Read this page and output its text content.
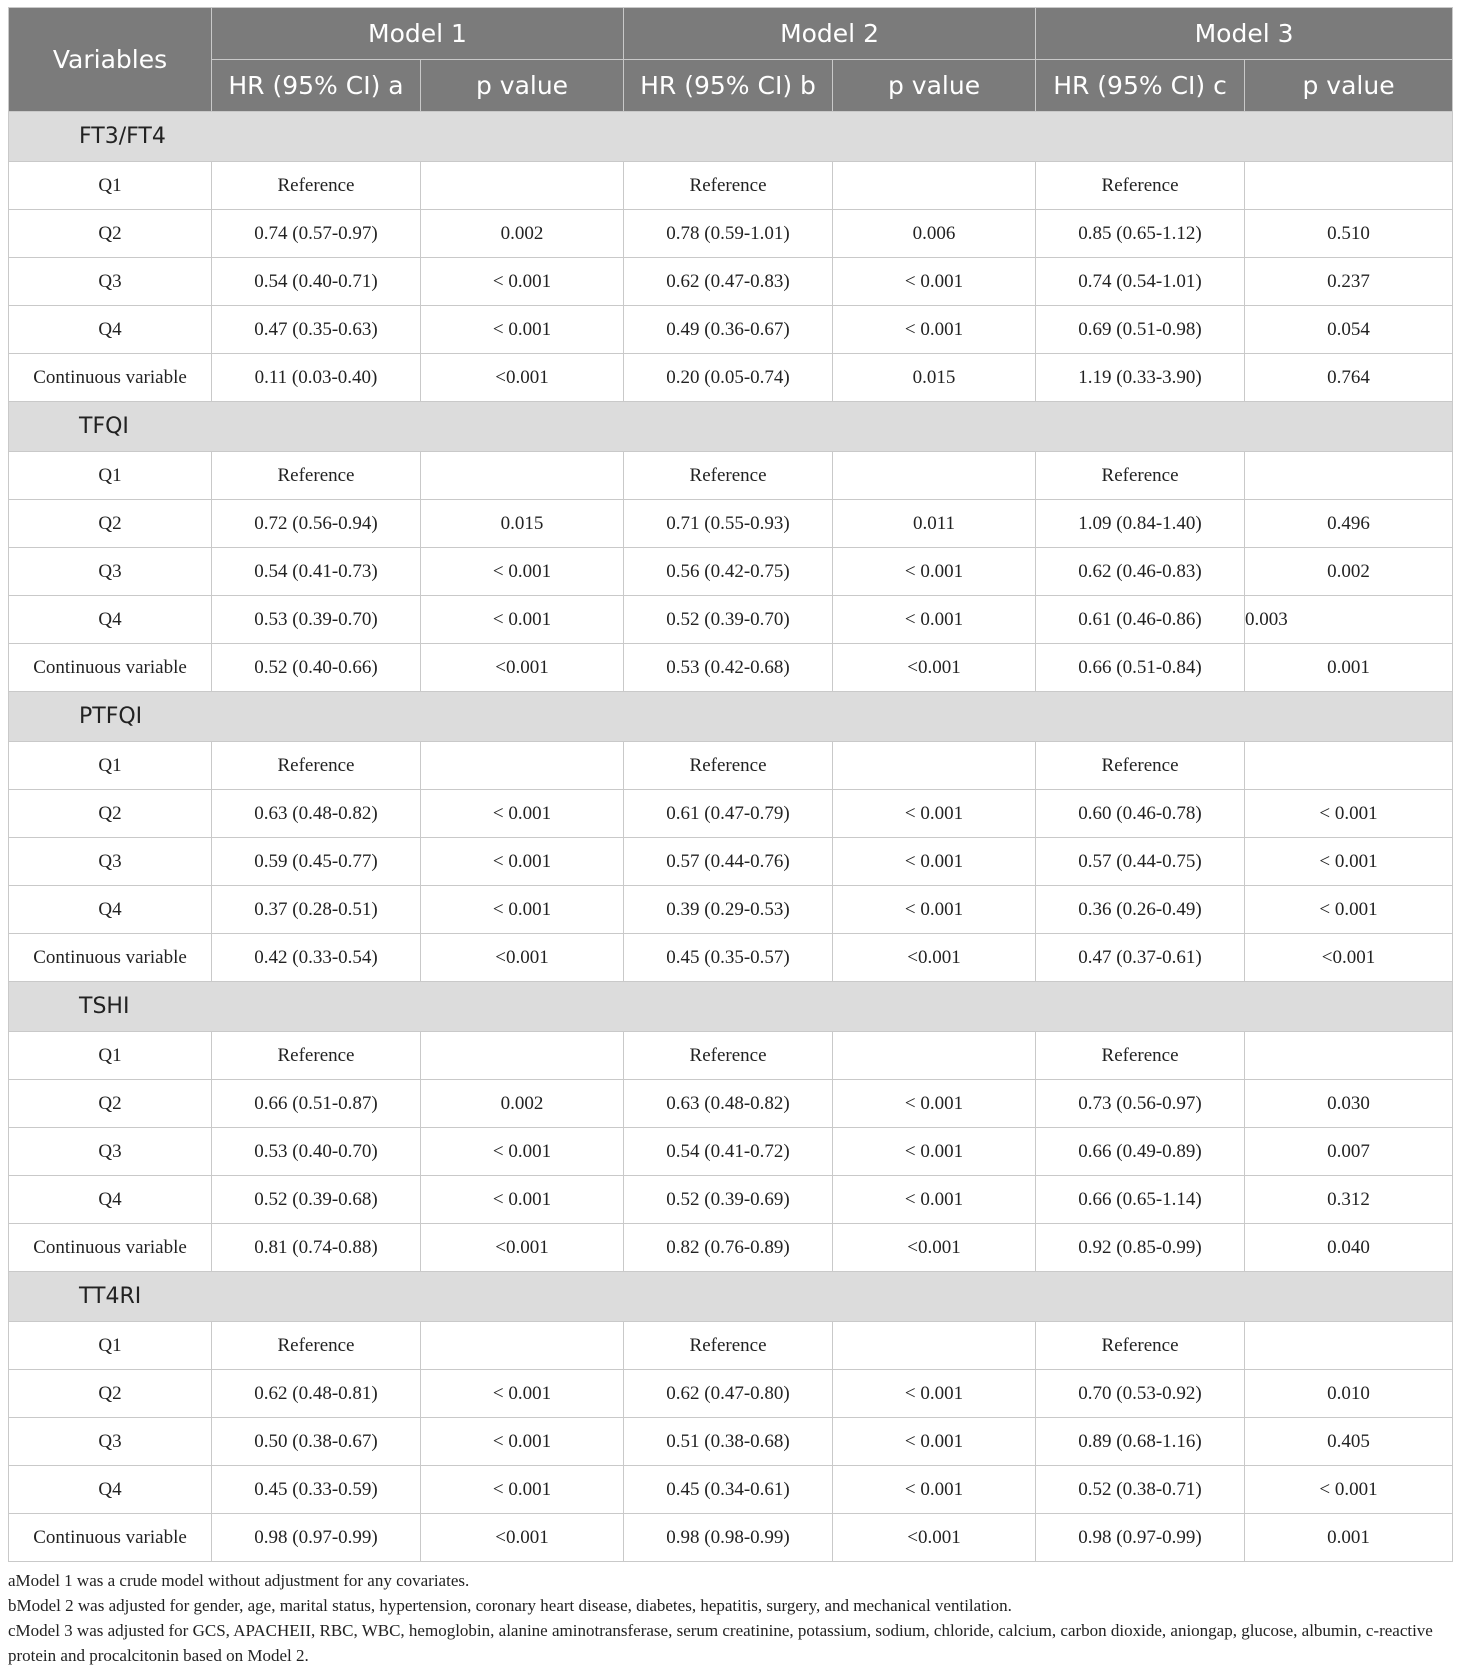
Variables	Model 1		Model 2		Model 3	
	HR (95% CI) a	p value	HR (95% CI) b	p value	HR (95% CI) c	p value
FT3/FT4						
Q1	Reference		Reference		Reference	
Q2	0.74 (0.57-0.97)	0.002	0.78 (0.59-1.01)	0.006	0.85 (0.65-1.12)	0.510
Q3	0.54 (0.40-0.71)	< 0.001	0.62 (0.47-0.83)	< 0.001	0.74 (0.54-1.01)	0.237
Q4	0.47 (0.35-0.63)	< 0.001	0.49 (0.36-0.67)	< 0.001	0.69 (0.51-0.98)	0.054
Continuous variable	0.11 (0.03-0.40)	<0.001	0.20 (0.05-0.74)	0.015	1.19 (0.33-3.90)	0.764
TFQI						
Q1	Reference		Reference		Reference	
Q2	0.72 (0.56-0.94)	0.015	0.71 (0.55-0.93)	0.011	1.09 (0.84-1.40)	0.496
Q3	0.54 (0.41-0.73)	< 0.001	0.56 (0.42-0.75)	< 0.001	0.62 (0.46-0.83)	0.002
Q4	0.53 (0.39-0.70)	< 0.001	0.52 (0.39-0.70)	< 0.001	0.61 (0.46-0.86)	0.003
Continuous variable	0.52 (0.40-0.66)	<0.001	0.53 (0.42-0.68)	<0.001	0.66 (0.51-0.84)	0.001
PTFQI						
Q1	Reference		Reference		Reference	
Q2	0.63 (0.48-0.82)	< 0.001	0.61 (0.47-0.79)	< 0.001	0.60 (0.46-0.78)	< 0.001
Q3	0.59 (0.45-0.77)	< 0.001	0.57 (0.44-0.76)	< 0.001	0.57 (0.44-0.75)	< 0.001
Q4	0.37 (0.28-0.51)	< 0.001	0.39 (0.29-0.53)	< 0.001	0.36 (0.26-0.49)	< 0.001
Continuous variable	0.42 (0.33-0.54)	<0.001	0.45 (0.35-0.57)	<0.001	0.47 (0.37-0.61)	<0.001
TSHI						
Q1	Reference		Reference		Reference	
Q2	0.66 (0.51-0.87)	0.002	0.63 (0.48-0.82)	< 0.001	0.73 (0.56-0.97)	0.030
Q3	0.53 (0.40-0.70)	< 0.001	0.54 (0.41-0.72)	< 0.001	0.66 (0.49-0.89)	0.007
Q4	0.52 (0.39-0.68)	< 0.001	0.52 (0.39-0.69)	< 0.001	0.66 (0.65-1.14)	0.312
Continuous variable	0.81 (0.74-0.88)	<0.001	0.82 (0.76-0.89)	<0.001	0.92 (0.85-0.99)	0.040
TT4RI						
Q1	Reference		Reference		Reference	
Q2	0.62 (0.48-0.81)	< 0.001	0.62 (0.47-0.80)	< 0.001	0.70 (0.53-0.92)	0.010
Q3	0.50 (0.38-0.67)	< 0.001	0.51 (0.38-0.68)	< 0.001	0.89 (0.68-1.16)	0.405
Q4	0.45 (0.33-0.59)	< 0.001	0.45 (0.34-0.61)	< 0.001	0.52 (0.38-0.71)	< 0.001
Continuous variable	0.98 (0.97-0.99)	<0.001	0.98 (0.98-0.99)	<0.001	0.98 (0.97-0.99)	0.001
aModel 1 was a crude model without adjustment for any covariates.
bModel 2 was adjusted for gender, age, marital status, hypertension, coronary heart disease, diabetes, hepatitis, surgery, and mechanical ventilation.
cModel 3 was adjusted for GCS, APACHEII, RBC, WBC, hemoglobin, alanine aminotransferase, serum creatinine, potassium, sodium, chloride, calcium, carbon dioxide, aniongap, glucose, albumin, c-reactive protein and procalcitonin based on Model 2.
